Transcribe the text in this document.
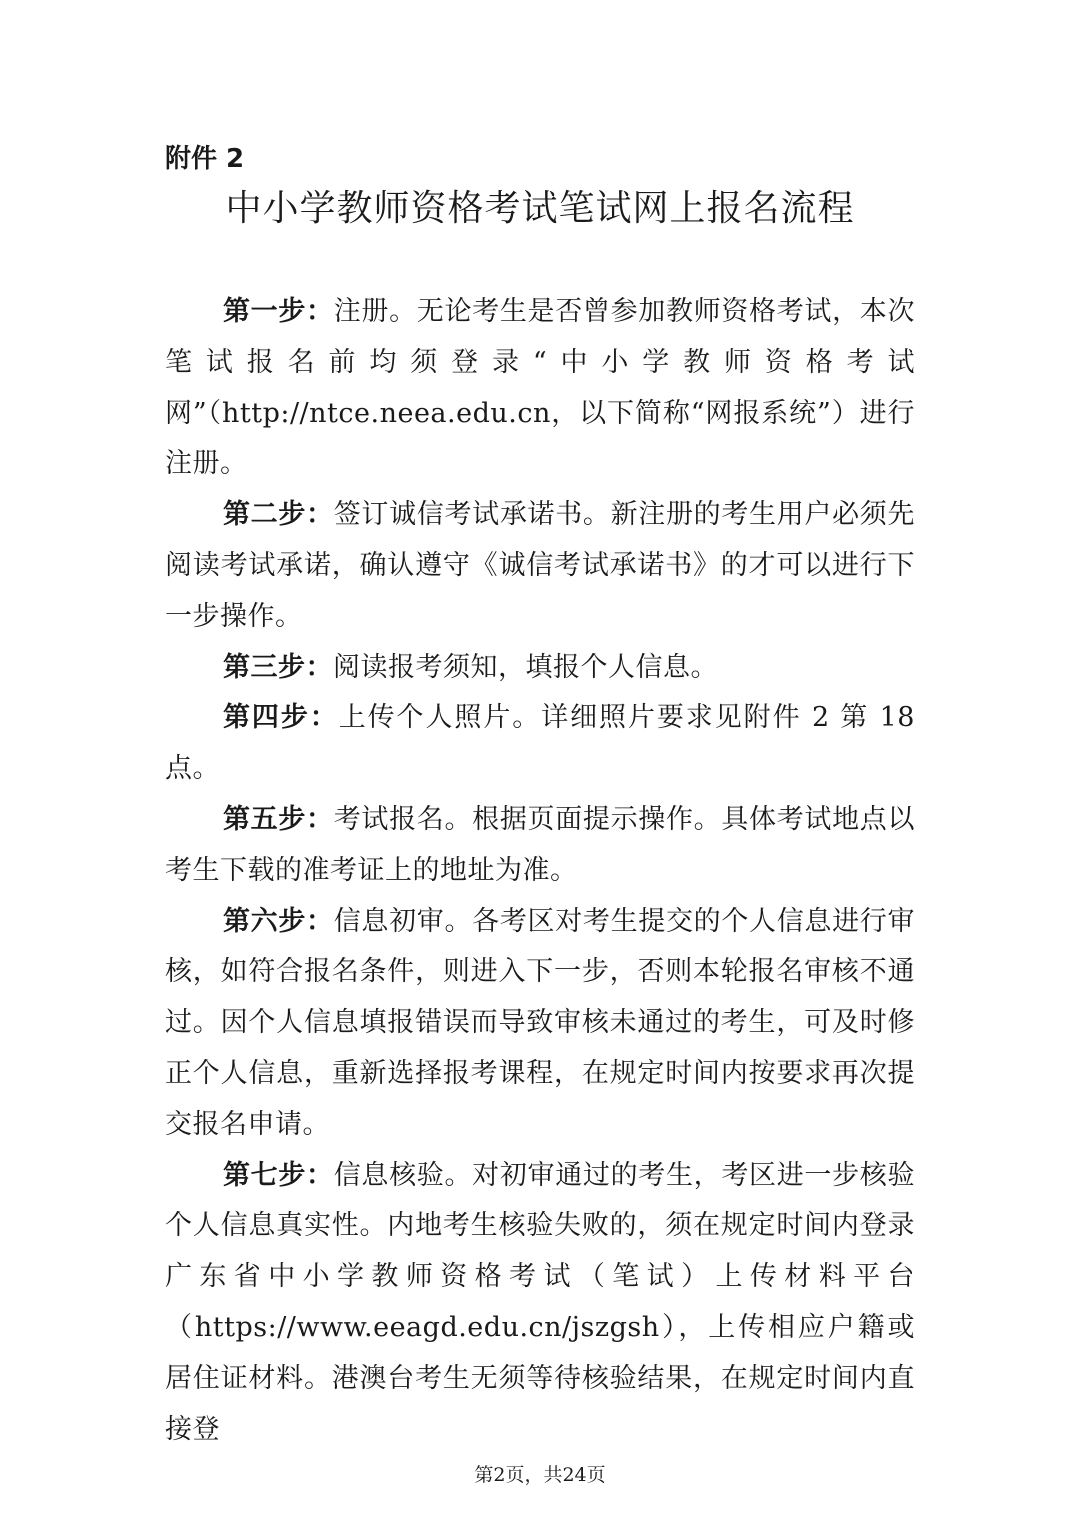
附件 2
中小学教师资格考试笔试网上报名流程

第一步：注册。无论考生是否曾参加教师资格考试，本次笔试报名前均须登录“中小学教师资格考试网”（http://ntce.neea.edu.cn，以下简称“网报系统”）进行注册。

第二步：签订诚信考试承诺书。新注册的考生用户必须先阅读考试承诺，确认遵守《诚信考试承诺书》的才可以进行下一步操作。

第三步：阅读报考须知，填报个人信息。

第四步：上传个人照片。详细照片要求见附件 2 第 18 点。

第五步：考试报名。根据页面提示操作。具体考试地点以考生下载的准考证上的地址为准。

第六步：信息初审。各考区对考生提交的个人信息进行审核，如符合报名条件，则进入下一步，否则本轮报名审核不通过。因个人信息填报错误而导致审核未通过的考生，可及时修正个人信息，重新选择报考课程，在规定时间内按要求再次提交报名申请。

第七步：信息核验。对初审通过的考生，考区进一步核验个人信息真实性。内地考生核验失败的，须在规定时间内登录广东省中小学教师资格考试（笔试）上传材料平台（https://www.eeagd.edu.cn/jszgsh），上传相应户籍或居住证材料。港澳台考生无须等待核验结果，在规定时间内直接登

第2页，共24页
